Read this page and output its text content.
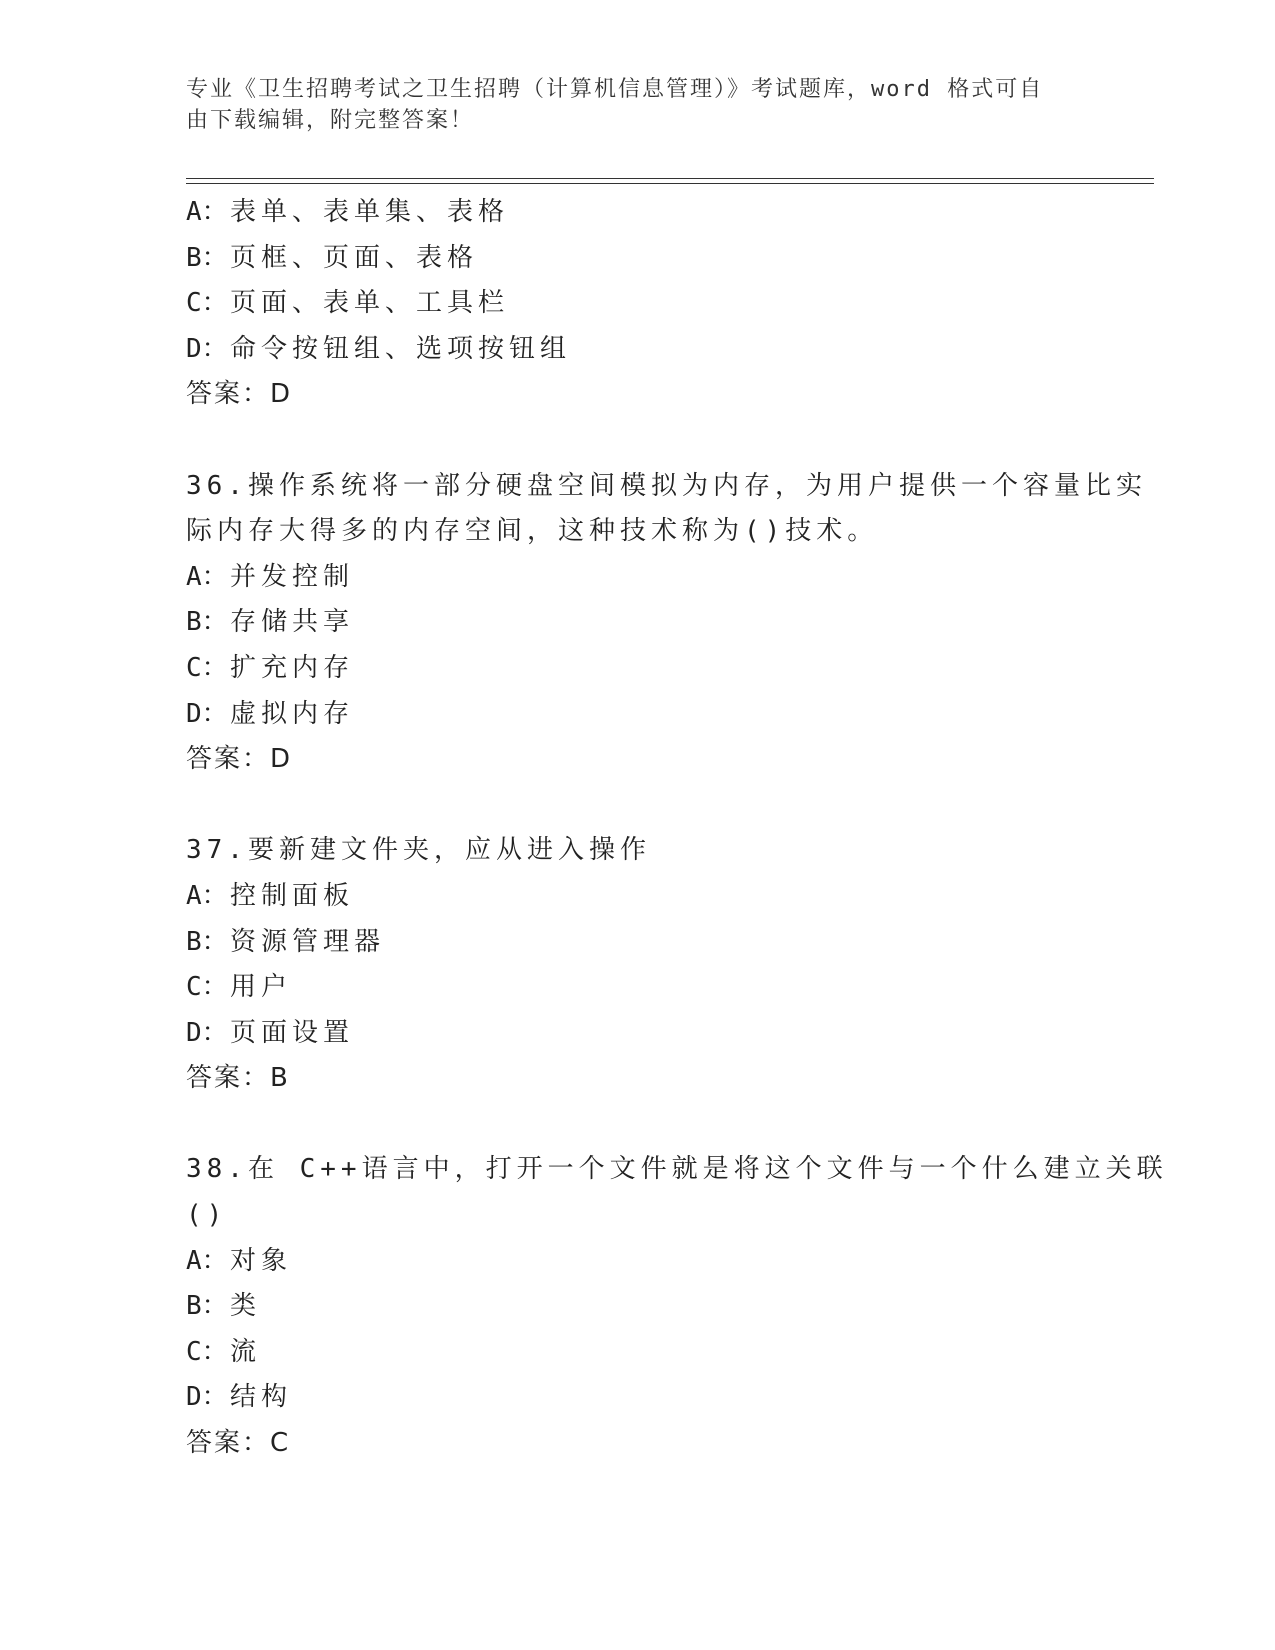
专业《卫生招聘考试之卫生招聘（计算机信息管理）》考试题库，word 格式可自
由下载编辑，附完整答案！
A：表单、表单集、表格
B：页框、页面、表格
C：页面、表单、工具栏
D：命令按钮组、选项按钮组
答案：D
36.操作系统将一部分硬盘空间模拟为内存，为用户提供一个容量比实
际内存大得多的内存空间，这种技术称为()技术。
A：并发控制
B：存储共享
C：扩充内存
D：虚拟内存
答案：D
37.要新建文件夹，应从进入操作
A：控制面板
B：资源管理器
C：用户
D：页面设置
答案：B
38.在 C++语言中，打开一个文件就是将这个文件与一个什么建立关联
()
A：对象
B：类
C：流
D：结构
答案：C
